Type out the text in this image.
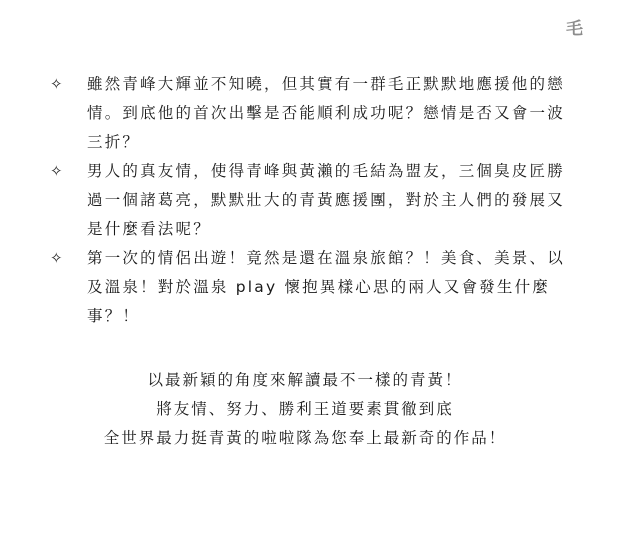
毛
✧	雖然青峰大輝並不知曉，但其實有一群毛正默默地應援他的戀
情。到底他的首次出擊是否能順利成功呢？戀情是否又會一波
三折？
✧	男人的真友情，使得青峰與黃瀨的毛結為盟友，三個臭皮匠勝
過一個諸葛亮，默默壯大的青黃應援團，對於主人們的發展又
是什麼看法呢？
✧	第一次的情侶出遊！竟然是還在溫泉旅館？！美食、美景、以
及溫泉！對於溫泉 play 懷抱異樣心思的兩人又會發生什麼
事？！
以最新穎的角度來解讀最不一樣的青黃！
將友情、努力、勝利王道要素貫徹到底
全世界最力挺青黃的啦啦隊為您奉上最新奇的作品！
